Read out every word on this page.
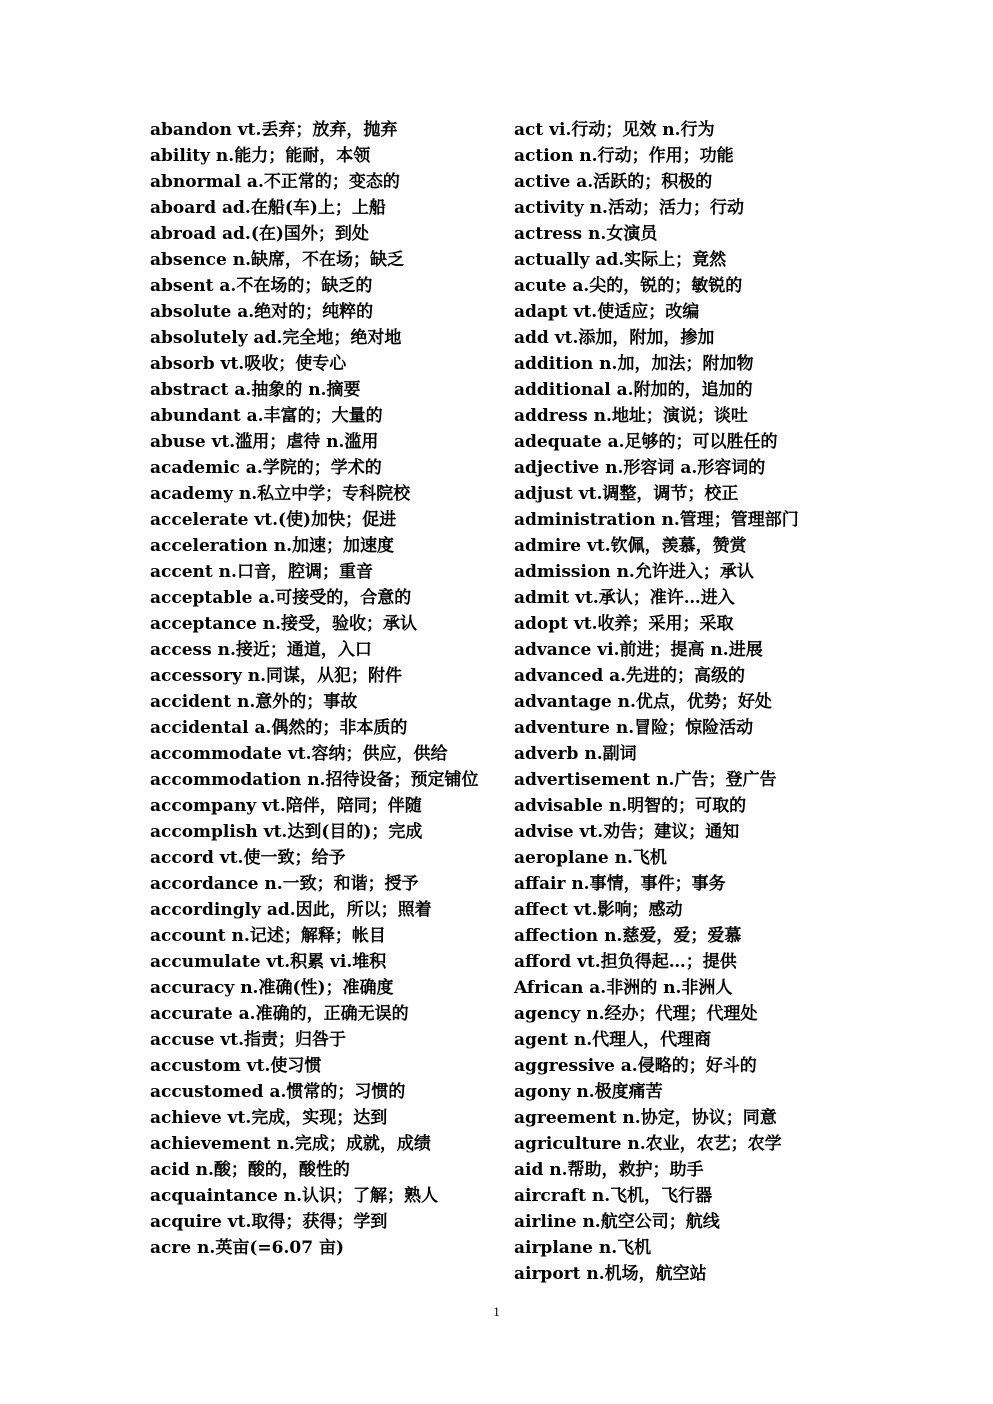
abandon vt.丢弃；放弃，抛弃
ability n.能力；能耐，本领
abnormal a.不正常的；变态的
aboard ad.在船(车)上；上船
abroad ad.(在)国外；到处
absence n.缺席，不在场；缺乏
absent a.不在场的；缺乏的
absolute a.绝对的；纯粹的
absolutely ad.完全地；绝对地
absorb vt.吸收；使专心
abstract a.抽象的 n.摘要
abundant a.丰富的；大量的
abuse vt.滥用；虐待 n.滥用
academic a.学院的；学术的
academy n.私立中学；专科院校
accelerate vt.(使)加快；促进
acceleration n.加速；加速度
accent n.口音，腔调；重音
acceptable a.可接受的，合意的
acceptance n.接受，验收；承认
access n.接近；通道，入口
accessory n.同谋，从犯；附件
accident n.意外的；事故
accidental a.偶然的；非本质的
accommodate vt.容纳；供应，供给
accommodation n.招待设备；预定铺位
accompany vt.陪伴，陪同；伴随
accomplish vt.达到(目的)；完成
accord vt.使一致；给予
accordance n.一致；和谐；授予
accordingly ad.因此，所以；照着
account n.记述；解释；帐目
accumulate vt.积累 vi.堆积
accuracy n.准确(性)；准确度
accurate a.准确的，正确无误的
accuse vt.指责；归咎于
accustom vt.使习惯
accustomed a.惯常的；习惯的
achieve vt.完成，实现；达到
achievement n.完成；成就，成绩
acid n.酸；酸的，酸性的
acquaintance n.认识；了解；熟人
acquire vt.取得；获得；学到
acre n.英亩(=6.07 亩)
act vi.行动；见效 n.行为
action n.行动；作用；功能
active a.活跃的；积极的
activity n.活动；活力；行动
actress n.女演员
actually ad.实际上；竟然
acute a.尖的，锐的；敏锐的
adapt vt.使适应；改编
add vt.添加，附加，掺加
addition n.加，加法；附加物
additional a.附加的，追加的
address n.地址；演说；谈吐
adequate a.足够的；可以胜任的
adjective n.形容词 a.形容词的
adjust vt.调整，调节；校正
administration n.管理；管理部门
admire vt.钦佩，羡慕，赞赏
admission n.允许进入；承认
admit vt.承认；准许…进入
adopt vt.收养；采用；采取
advance vi.前进；提高 n.进展
advanced a.先进的；高级的
advantage n.优点，优势；好处
adventure n.冒险；惊险活动
adverb n.副词
advertisement n.广告；登广告
advisable n.明智的；可取的
advise vt.劝告；建议；通知
aeroplane n.飞机
affair n.事情，事件；事务
affect vt.影响；感动
affection n.慈爱，爱；爱慕
afford vt.担负得起…；提供
African a.非洲的 n.非洲人
agency n.经办；代理；代理处
agent n.代理人，代理商
aggressive a.侵略的；好斗的
agony n.极度痛苦
agreement n.协定，协议；同意
agriculture n.农业，农艺；农学
aid n.帮助，救护；助手
aircraft n.飞机，飞行器
airline n.航空公司；航线
airplane n.飞机
airport n.机场，航空站
1
